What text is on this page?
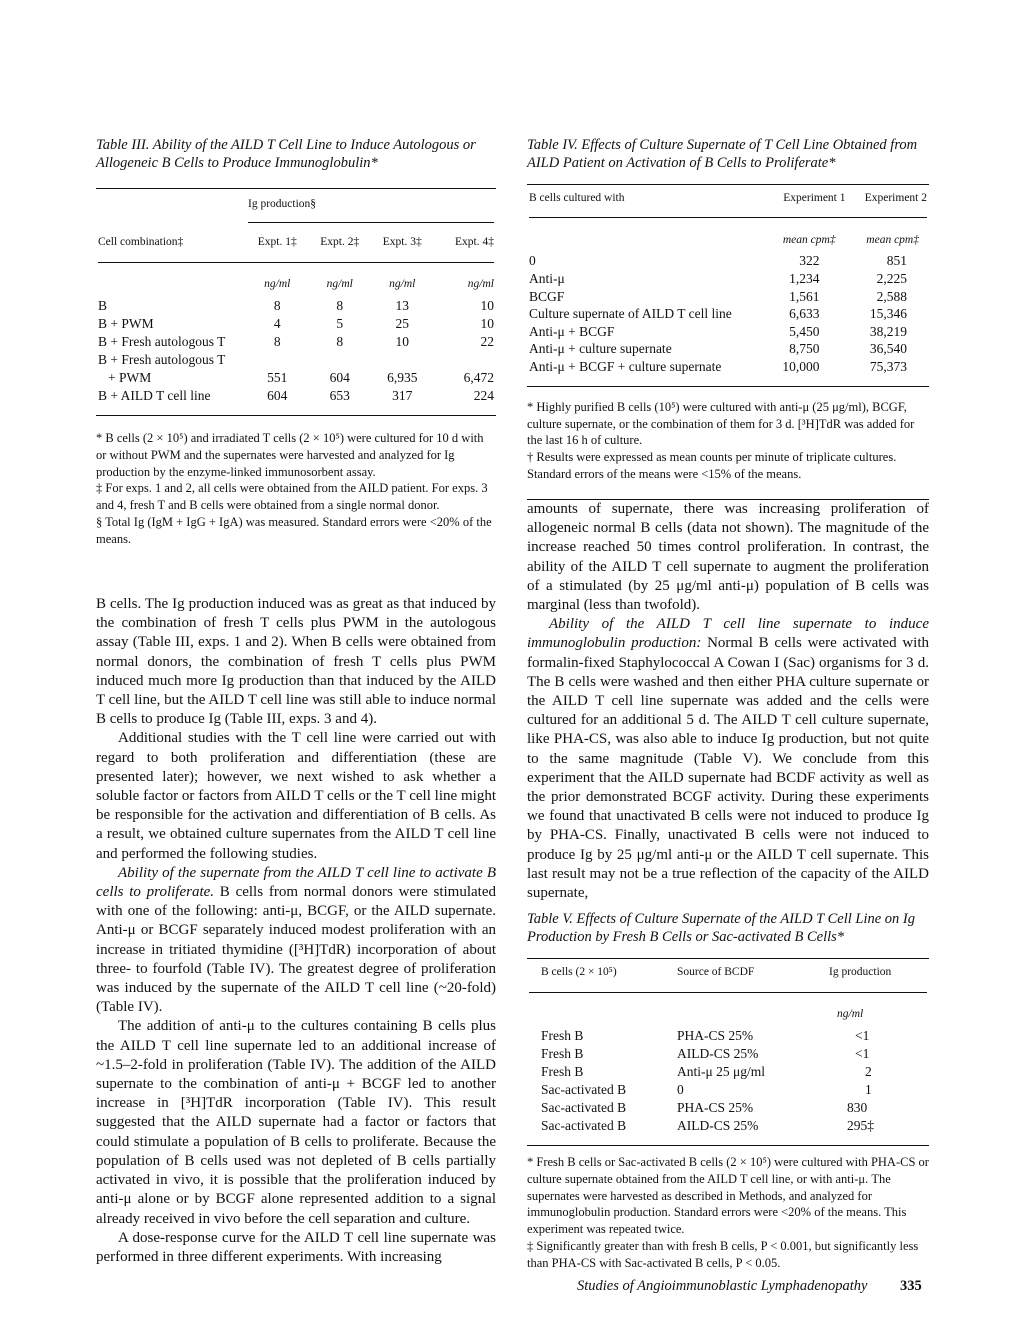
Table III. Ability of the AILD T Cell Line to Induce Autologous or Allogeneic B Cells to Produce Immunoglobulin*
	Ig production§			

Cell combination‡	Expt. 1‡	Expt. 2‡	Expt. 3‡	Expt. 4‡

	ng/ml	ng/ml	ng/ml	ng/ml
B	8	8	13	10
B + PWM	4	5	25	10
B + Fresh autologous T	8	8	10	22
B + Fresh autologous T				
+ PWM	551	604	6,935	6,472
B + AILD T cell line	604	653	317	224

* B cells (2 × 10⁵) and irradiated T cells (2 × 10⁵) were cultured for 10 d with or without PWM and the supernates were harvested and analyzed for Ig production by the enzyme-linked immunosorbent assay.

‡ For exps. 1 and 2, all cells were obtained from the AILD patient. For exps. 3 and 4, fresh T and B cells were obtained from a single normal donor.

§ Total Ig (IgM + IgG + IgA) was measured. Standard errors were <20% of the means.

B cells. The Ig production induced was as great as that induced by the combination of fresh T cells plus PWM in the autologous assay (Table III, exps. 1 and 2). When B cells were obtained from normal donors, the combination of fresh T cells plus PWM induced much more Ig production than that induced by the AILD T cell line, but the AILD T cell line was still able to induce normal B cells to produce Ig (Table III, exps. 3 and 4).

Additional studies with the T cell line were carried out with regard to both proliferation and differentiation (these are presented later); however, we next wished to ask whether a soluble factor or factors from AILD T cells or the T cell line might be responsible for the activation and differentiation of B cells. As a result, we obtained culture supernates from the AILD T cell line and performed the following studies.

Ability of the supernate from the AILD T cell line to activate B cells to proliferate. B cells from normal donors were stimulated with one of the following: anti-μ, BCGF, or the AILD supernate. Anti-μ or BCGF separately induced modest proliferation with an increase in tritiated thymidine ([³H]TdR) incorporation of about three- to fourfold (Table IV). The greatest degree of proliferation was induced by the supernate of the AILD T cell line (~20-fold) (Table IV).

The addition of anti-μ to the cultures containing B cells plus the AILD T cell line supernate led to an additional increase of ~1.5–2-fold in proliferation (Table IV). The addition of the AILD supernate to the combination of anti-μ + BCGF led to another increase in [³H]TdR incorporation (Table IV). This result suggested that the AILD supernate had a factor or factors that could stimulate a population of B cells to proliferate. Because the population of B cells used was not depleted of B cells partially activated in vivo, it is possible that the proliferation induced by anti-μ alone or by BCGF alone represented addition to a signal already received in vivo before the cell separation and culture.

A dose-response curve for the AILD T cell line supernate was performed in three different experiments. With increasing

Table IV. Effects of Culture Supernate of T Cell Line Obtained from AILD Patient on Activation of B Cells to Proliferate*
B cells cultured with	Experiment 1	Experiment 2

	mean cpm‡	mean cpm‡
0	322	851
Anti-μ	1,234	2,225
BCGF	1,561	2,588
Culture supernate of AILD T cell line	6,633	15,346
Anti-μ + BCGF	5,450	38,219
Anti-μ + culture supernate	8,750	36,540
Anti-μ + BCGF + culture supernate	10,000	75,373

* Highly purified B cells (10⁵) were cultured with anti-μ (25 μg/ml), BCGF, culture supernate, or the combination of them for 3 d. [³H]TdR was added for the last 16 h of culture.

† Results were expressed as mean counts per minute of triplicate cultures. Standard errors of the means were <15% of the means.

amounts of supernate, there was increasing proliferation of allogeneic normal B cells (data not shown). The magnitude of the increase reached 50 times control proliferation. In contrast, the ability of the AILD T cell supernate to augment the proliferation of a stimulated (by 25 μg/ml anti-μ) population of B cells was marginal (less than twofold).

Ability of the AILD T cell line supernate to induce immunoglobulin production: Normal B cells were activated with formalin-fixed Staphylococcal A Cowan I (Sac) organisms for 3 d. The B cells were washed and then either PHA culture supernate or the AILD T cell line supernate was added and the cells were cultured for an additional 5 d. The AILD T cell culture supernate, like PHA-CS, was also able to induce Ig production, but not quite to the same magnitude (Table V). We conclude from this experiment that the AILD supernate had BCDF activity as well as the prior demonstrated BCGF activity. During these experiments we found that unactivated B cells were not induced to produce Ig by PHA-CS. Finally, unactivated B cells were not induced to produce Ig by 25 μg/ml anti-μ or the AILD T cell supernate. This last result may not be a true reflection of the capacity of the AILD supernate,

Table V. Effects of Culture Supernate of the AILD T Cell Line on Ig Production by Fresh B Cells or Sac-activated B Cells*
B cells (2 × 10⁵)	Source of BCDF	Ig production

		ng/ml
Fresh B	PHA-CS 25%	<1
Fresh B	AILD-CS 25%	<1
Fresh B	Anti-μ 25 μg/ml	2
Sac-activated B	0	1
Sac-activated B	PHA-CS 25%	830
Sac-activated B	AILD-CS 25%	295‡

* Fresh B cells or Sac-activated B cells (2 × 10⁵) were cultured with PHA-CS or culture supernate obtained from the AILD T cell line, or with anti-μ. The supernates were harvested as described in Methods, and analyzed for immunoglobulin production. Standard errors were <20% of the means. This experiment was repeated twice.

‡ Significantly greater than with fresh B cells, P < 0.001, but significantly less than PHA-CS with Sac-activated B cells, P < 0.05.

Studies of Angioimmunoblastic Lymphadenopathy 335
